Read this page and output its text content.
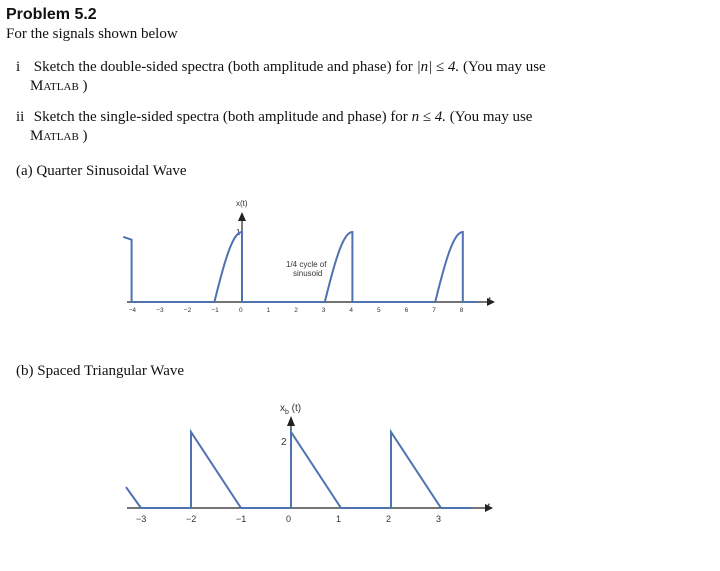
Problem 5.2
For the signals shown below
i Sketch the double-sided spectra (both amplitude and phase) for |n| ≤ 4. (You may use
Matlab )
ii Sketch the single-sided spectra (both amplitude and phase) for n ≤ 4. (You may use
Matlab )
(a) Quarter Sinusoidal Wave
x(t)
t
1
1/4 cycle of
sinusoid
−4	−3	−2	−1	0	1	2	3	4	5	6	7	8
(b) Spaced Triangular Wave
$x_b$ (t)
t
2
−3	−2	−1	0	1	2	3
